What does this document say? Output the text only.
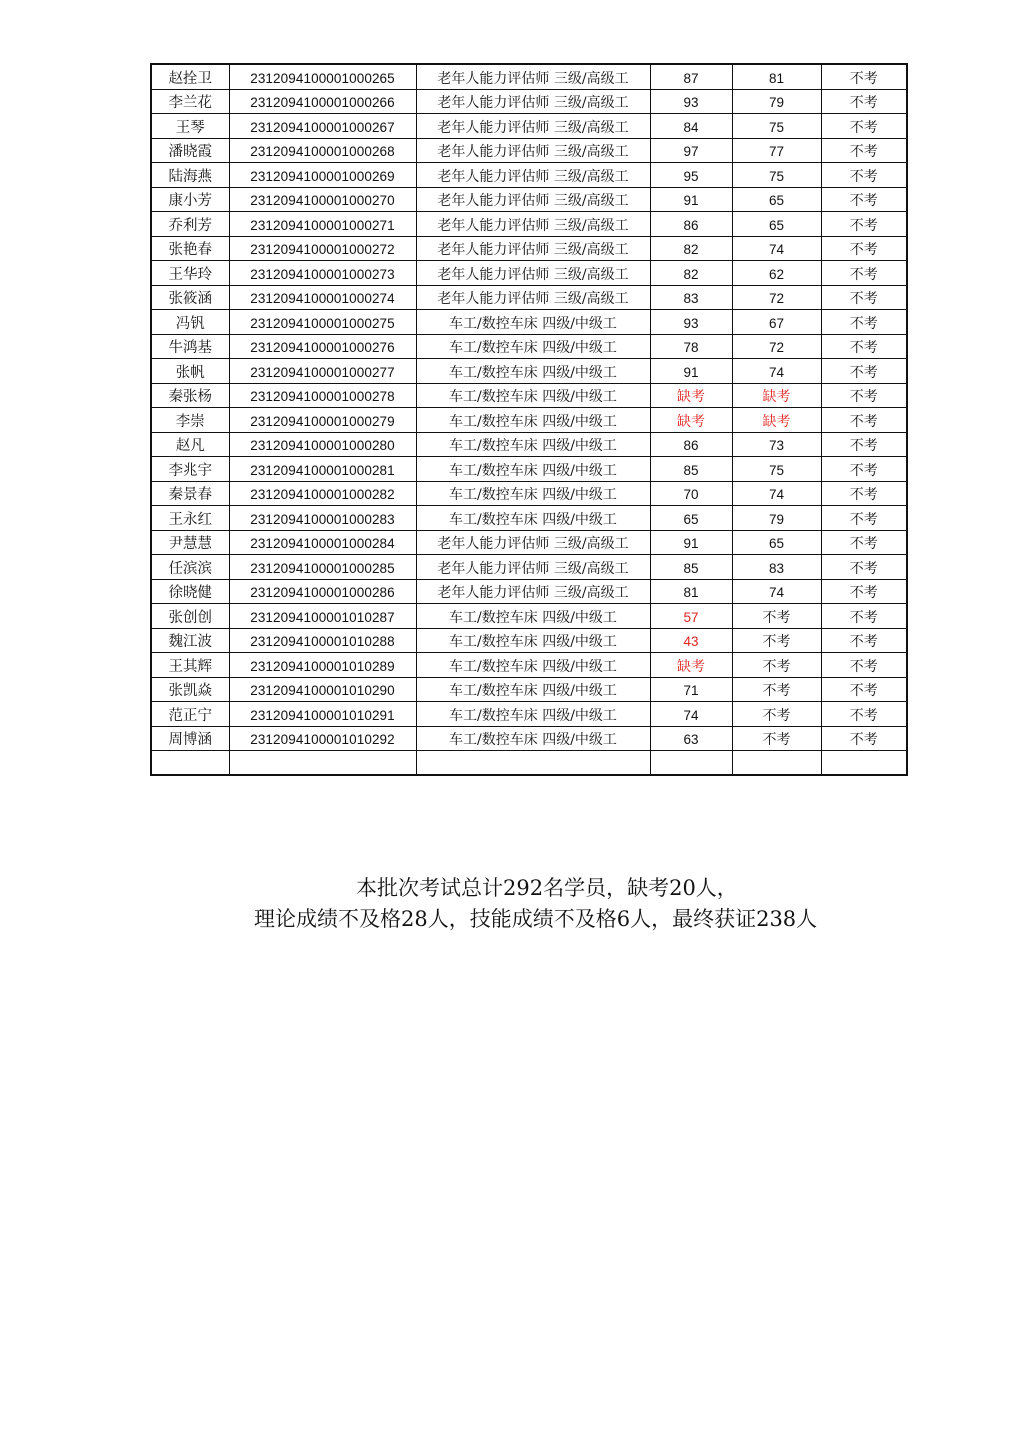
赵拴卫	2312094100001000265	老年人能力评估师 三级/高级工	87	81	不考
李兰花	2312094100001000266	老年人能力评估师 三级/高级工	93	79	不考
王琴	2312094100001000267	老年人能力评估师 三级/高级工	84	75	不考
潘晓霞	2312094100001000268	老年人能力评估师 三级/高级工	97	77	不考
陆海燕	2312094100001000269	老年人能力评估师 三级/高级工	95	75	不考
康小芳	2312094100001000270	老年人能力评估师 三级/高级工	91	65	不考
乔利芳	2312094100001000271	老年人能力评估师 三级/高级工	86	65	不考
张艳春	2312094100001000272	老年人能力评估师 三级/高级工	82	74	不考
王华玲	2312094100001000273	老年人能力评估师 三级/高级工	82	62	不考
张筱涵	2312094100001000274	老年人能力评估师 三级/高级工	83	72	不考
冯钒	2312094100001000275	车工/数控车床 四级/中级工	93	67	不考
牛鸿基	2312094100001000276	车工/数控车床 四级/中级工	78	72	不考
张帆	2312094100001000277	车工/数控车床 四级/中级工	91	74	不考
秦张杨	2312094100001000278	车工/数控车床 四级/中级工	缺考	缺考	不考
李崇	2312094100001000279	车工/数控车床 四级/中级工	缺考	缺考	不考
赵凡	2312094100001000280	车工/数控车床 四级/中级工	86	73	不考
李兆宇	2312094100001000281	车工/数控车床 四级/中级工	85	75	不考
秦景春	2312094100001000282	车工/数控车床 四级/中级工	70	74	不考
王永红	2312094100001000283	车工/数控车床 四级/中级工	65	79	不考
尹慧慧	2312094100001000284	老年人能力评估师 三级/高级工	91	65	不考
任滨滨	2312094100001000285	老年人能力评估师 三级/高级工	85	83	不考
徐晓健	2312094100001000286	老年人能力评估师 三级/高级工	81	74	不考
张创创	2312094100001010287	车工/数控车床 四级/中级工	57	不考	不考
魏江波	2312094100001010288	车工/数控车床 四级/中级工	43	不考	不考
王其辉	2312094100001010289	车工/数控车床 四级/中级工	缺考	不考	不考
张凯焱	2312094100001010290	车工/数控车床 四级/中级工	71	不考	不考
范正宁	2312094100001010291	车工/数控车床 四级/中级工	74	不考	不考
周博涵	2312094100001010292	车工/数控车床 四级/中级工	63	不考	不考

本批次考试总计292名学员，缺考20人，
理论成绩不及格28人，技能成绩不及格6人，最终获证238人
